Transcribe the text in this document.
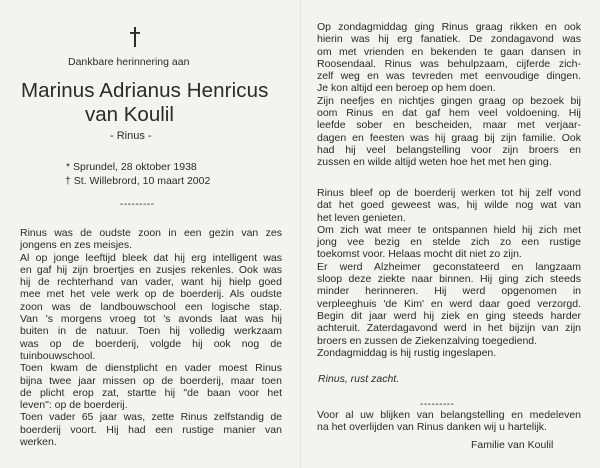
Dankbare herinnering aan
Marinus Adrianus Henricus
van Koulil
- Rinus -
* Sprundel, 28 oktober 1938
† St. Willebrord, 10 maart 2002
---------
Rinus was de oudste zoon in een gezin van zes
jongens en zes meisjes.
Al op jonge leeftijd bleek dat hij erg intelligent was
en gaf hij zijn broertjes en zusjes rekenles. Ook was
hij de rechterhand van vader, want hij hielp goed
mee met het vele werk op de boerderij. Als oudste
zoon was de landbouwschool een logische stap.
Van 's morgens vroeg tot 's avonds laat was hij
buiten in de natuur. Toen hij volledig werkzaam
was op de boerderij, volgde hij ook nog de
tuinbouwschool.
Toen kwam de dienstplicht en vader moest Rinus
bijna twee jaar missen op de boerderij, maar toen
de plicht erop zat, startte hij "de baan voor het
leven": op de boerderij.
Toen vader 65 jaar was, zette Rinus zelfstandig de
boerderij voort. Hij had een rustige manier van
werken.
Op zondagmiddag ging Rinus graag rikken en ook
hierin was hij erg fanatiek. De zondagavond was
om met vrienden en bekenden te gaan dansen in
Roosendaal. Rinus was behulpzaam, cijferde zich-
zelf weg en was tevreden met eenvoudige dingen.
Je kon altijd een beroep op hem doen.
Zijn neefjes en nichtjes gingen graag op bezoek bij
oom Rinus en dat gaf hem veel voldoening. Hij
leefde sober en bescheiden, maar met verjaar-
dagen en feesten was hij graag bij zijn familie. Ook
had hij veel belangstelling voor zijn broers en
zussen en wilde altijd weten hoe het met hen ging.
Rinus bleef op de boerderij werken tot hij zelf vond
dat het goed geweest was, hij wilde nog wat van
het leven genieten.
Om zich wat meer te ontspannen hield hij zich met
jong vee bezig en stelde zich zo een rustige
toekomst voor. Helaas mocht dit niet zo zijn.
Er werd Alzheimer geconstateerd en langzaam
sloop deze ziekte naar binnen. Hij ging zich steeds
minder herinneren. Hij werd opgenomen in
verpleeghuis 'de Kim' en werd daar goed verzorgd.
Begin dit jaar werd hij ziek en ging steeds harder
achteruit. Zaterdagavond werd in het bijzijn van zijn
broers en zussen de Ziekenzalving toegediend.
Zondagmiddag is hij rustig ingeslapen.
Rinus, rust zacht.
---------
Voor al uw blijken van belangstelling en medeleven
na het overlijden van Rinus danken wij u hartelijk.
Familie van Koulil
